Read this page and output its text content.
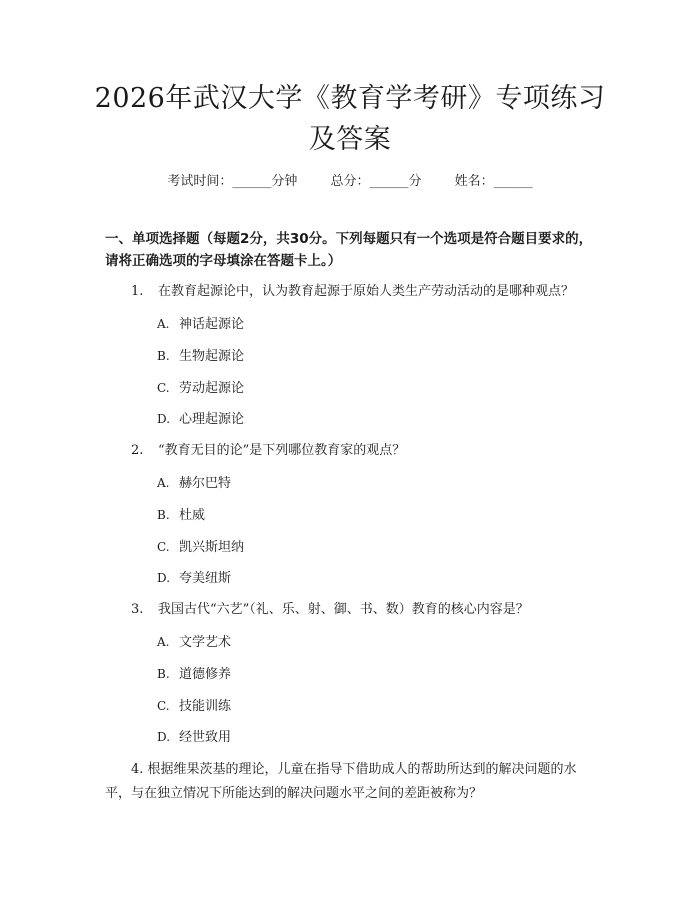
2026年武汉大学《教育学考研》专项练习及答案
考试时间：______分钟	总分：______分	姓名：______
一、单项选择题（每题2分，共30分。下列每题只有一个选项是符合题目要求的，请将正确选项的字母填涂在答题卡上。）
1. 在教育起源论中，认为教育起源于原始人类生产劳动活动的是哪种观点？
A. 神话起源论
B. 生物起源论
C. 劳动起源论
D. 心理起源论
2. “教育无目的论”是下列哪位教育家的观点？
A. 赫尔巴特
B. 杜威
C. 凯兴斯坦纳
D. 夸美纽斯
3. 我国古代“六艺”（礼、乐、射、御、书、数）教育的核心内容是？
A. 文学艺术
B. 道德修养
C. 技能训练
D. 经世致用
4. 根据维果茨基的理论，儿童在指导下借助成人的帮助所达到的解决问题的水平，与在独立情况下所能达到的解决问题水平之间的差距被称为？
